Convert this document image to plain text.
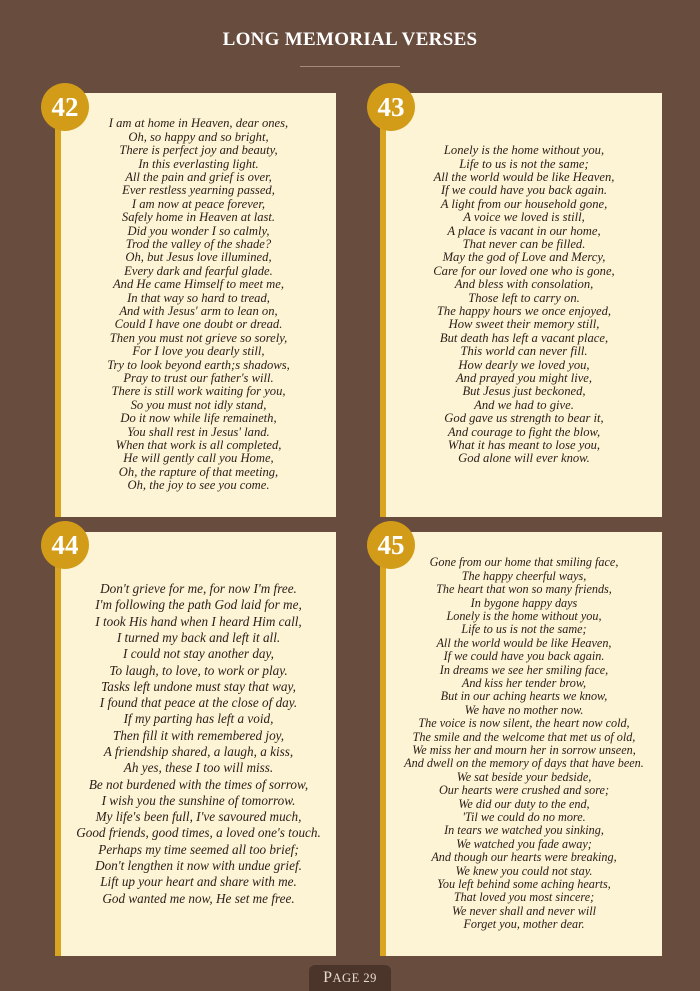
LONG MEMORIAL VERSES
I am at home in Heaven, dear ones,
Oh, so happy and so bright,
There is perfect joy and beauty,
In this everlasting light.
All the pain and grief is over,
Ever restless yearning passed,
I am now at peace forever,
Safely home in Heaven at last.
Did you wonder I so calmly,
Trod the valley of the shade?
Oh, but Jesus love illumined,
Every dark and fearful glade.
And He came Himself to meet me,
In that way so hard to tread,
And with Jesus' arm to lean on,
Could I have one doubt or dread.
Then you must not grieve so sorely,
For I love you dearly still,
Try to look beyond earth;s shadows,
Pray to trust our father's will.
There is still work waiting for you,
So you must not idly stand,
Do it now while life remaineth,
You shall rest in Jesus' land.
When that work is all completed,
He will gently call you Home,
Oh, the rapture of that meeting,
Oh, the joy to see you come.
42
Lonely is the home without you,
Life to us is not the same;
All the world would be like Heaven,
If we could have you back again.
A light from our household gone,
A voice we loved is still,
A place is vacant in our home,
That never can be filled.
May the god of Love and Mercy,
Care for our loved one who is gone,
And bless with consolation,
Those left to carry on.
The happy hours we once enjoyed,
How sweet their memory still,
But death has left a vacant place,
This world can never fill.
How dearly we loved you,
And prayed you might live,
But Jesus just beckoned,
And we had to give.
God gave us strength to bear it,
And courage to fight the blow,
What it has meant to lose you,
God alone will ever know.
43
Don't grieve for me, for now I'm free.
I'm following the path God laid for me,
I took His hand when I heard Him call,
I turned my back and left it all.
I could not stay another day,
To laugh, to love, to work or play.
Tasks left undone must stay that way,
I found that peace at the close of day.
If my parting has left a void,
Then fill it with remembered joy,
A friendship shared, a laugh, a kiss,
Ah yes, these I too will miss.
Be not burdened with the times of sorrow,
I wish you the sunshine of tomorrow.
My life's been full, I've savoured much,
Good friends, good times, a loved one's touch.
Perhaps my time seemed all too brief;
Don't lengthen it now with undue grief.
Lift up your heart and share with me.
God wanted me now, He set me free.
44
Gone from our home that smiling face,
The happy cheerful ways,
The heart that won so many friends,
In bygone happy days
Lonely is the home without you,
Life to us is not the same;
All the world would be like Heaven,
If we could have you back again.
In dreams we see her smiling face,
And kiss her tender brow,
But in our aching hearts we know,
We have no mother now.
The voice is now silent, the heart now cold,
The smile and the welcome that met us of old,
We miss her and mourn her in sorrow unseen,
And dwell on the memory of days that have been.
We sat beside your bedside,
Our hearts were crushed and sore;
We did our duty to the end,
'Til we could do no more.
In tears we watched you sinking,
We watched you fade away;
And though our hearts were breaking,
We knew you could not stay.
You left behind some aching hearts,
That loved you most sincere;
We never shall and never will
Forget you, mother dear.
45
PAGE 29
